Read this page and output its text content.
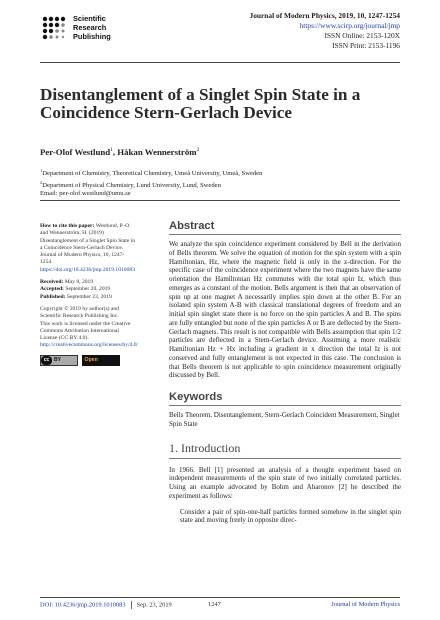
Scientific
Research
Publishing
Journal of Modern Physics, 2019, 10, 1247-1254
https://www.scirp.org/journal/jmp
ISSN Online: 2153-120X
ISSN Print: 2153-1196
Disentanglement of a Singlet Spin State in a Coincidence Stern-Gerlach Device
Per-Olof Westlund$^1$, Håkan Wennerström$^2$
$^1$Department of Chemistry, Theoretical Chemistry, Umeå University, Umeå, Sweden
$^2$Department of Physical Chemistry, Lund University, Lund, Sweden
Email: per-olof.westlund@umu.se
How to cite this paper: Westlund, P.-O. and Wennerström, H. (2019) Disentanglement of a Singlet Spin State in a Coincidence Stern-Gerlach Device. Journal of Modern Physics, 10, 1247-1254.
https://doi.org/10.4236/jmp.2019.1010083
Received: May 8, 2019
Accepted: September 20, 2019
Published: September 23, 2019
Copyright © 2019 by author(s) and Scientific Research Publishing Inc.
This work is licensed under the Creative Commons Attribution International License (CC BY 4.0).
http://creativecommons.org/licenses/by/4.0/
cc BY	Open Access
Abstract
We analyze the spin coincidence experiment considered by Bell in the derivation of Bells theorem. We solve the equation of motion for the spin system with a spin Hamiltonian, Hz, where the magnetic field is only in the z-direction. For the specific case of the coincidence experiment where the two magnets have the same orientation the Hamiltonian Hz commutes with the total spin Iz, which thus emerges as a constant of the motion. Bells argument is then that an observation of spin up at one magnet A necessarily implies spin down at the other B. For an isolated spin system A-B with classical translational degrees of freedom and an initial spin singlet state there is no force on the spin particles A and B. The spins are fully entangled but none of the spin particles A or B are deflected by the Stern-Gerlach magnets. This result is not compatible with Bells assumption that spin 1/2 particles are deflected in a Stern-Gerlach device. Assuming a more realistic Hamiltonian Hz + Hx including a gradient in x direction the total Iz is not conserved and fully entanglement is not expected in this case. The conclusion is that Bells theorem is not applicable to spin coincidence measurement originally discussed by Bell.
Keywords
Bells Theorem, Disentanglement, Stern-Gerlach Coincident Measurement, Singlet Spin State
1. Introduction
In 1966. Bell [1] presented an analysis of a thought experiment based on independent measurements of the spin state of two initially correlated particles. Using an example advocated by Bohm and Aharonov [2] he described the experiment as follows:
Consider a pair of spin-one-half particles formed somehow in the singlet spin state and moving freely in opposite direc-
DOI: 10.4236/jmp.2019.1010083 Sep. 23, 2019	1247	Journal of Modern Physics
